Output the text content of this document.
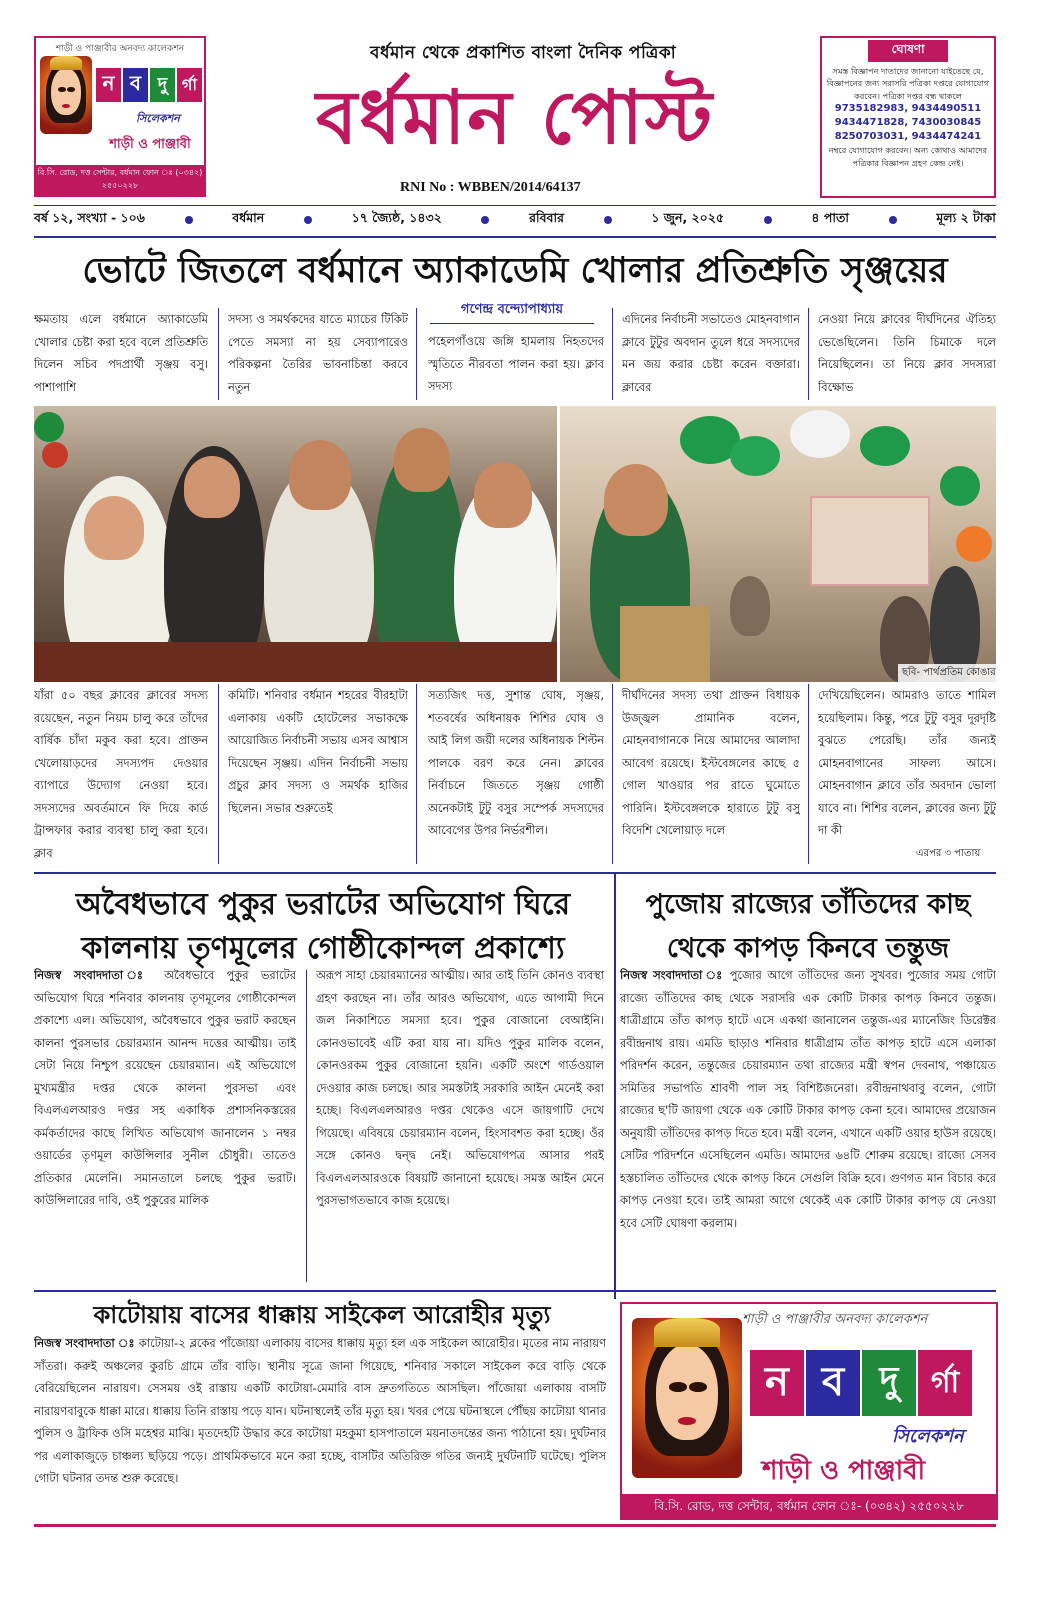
শাড়ী ও পাঞ্জাবীর অনবদ্য কালেকশন
ন ব দু র্গা
সিলেকশন
শাড়ী ও পাঞ্জাবী
বি.সি. রোড, দত্ত সেন্টার, বর্ধমান ফোন ঃ (০৩৪২) ২৫৫০২২৮
বর্ধমান থেকে প্রকাশিত বাংলা দৈনিক পত্রিকা
বর্ধমান পোস্ট
RNI No : WBBEN/2014/64137
ঘোষণা
সমস্ত বিজ্ঞাপন দাতাদের জানানো যাইতেছে যে, বিজ্ঞাপনের জন্য সরাসরি পত্রিকা দপ্তরে যোগাযোগ করবেন। পত্রিকা দপ্তর বন্ধ থাকলে
9735182983, 9434490511
9434471828, 7430030845
8250703031, 9434474241
নম্বরে যোগাযোগ করবেন। অন্য কোথাও আমাদের পত্রিকার বিজ্ঞাপন গ্রহণ কেন্দ্র নেই।
বর্ষ ১২, সংখ্যা - ১০৬	বর্ধমান	১৭ জ্যৈষ্ঠ, ১৪৩২	রবিবার	১ জুন, ২০২৫	৪ পাতা	মূল্য ২ টাকা
ভোটে জিতলে বর্ধমানে অ্যাকাডেমি খোলার প্রতিশ্রুতি সৃঞ্জয়ের
ক্ষমতায় এলে বর্ধমানে অ্যাকাডেমি খোলার চেষ্টা করা হবে বলে প্রতিশ্রুতি দিলেন সচিব পদপ্রার্থী সৃঞ্জয় বসু। পাশাপাশি
সদস্য ও সমর্থকদের যাতে ম্যাচের টিকিট পেতে সমস্যা না হয় সেব্যাপারেও পরিকল্পনা তৈরির ভাবনাচিন্তা করবে নতুন
গণেন্দ্র বন্দ্যোপাধ্যায়
পহেলগাঁওয়ে জঙ্গি হামলায় নিহতদের স্মৃতিতে নীরবতা পালন করা হয়। ক্লাব সদস্য
এদিনের নির্বাচনী সভাতেও মোহনবাগান ক্লাবে টুটুর অবদান তুলে ধরে সদস্যদের মন জয় করার চেষ্টা করেন বক্তারা। ক্লাবের
নেওয়া নিয়ে ক্লাবের দীর্ঘদিনের ঐতিহ্য ভেঙেছিলেন। তিনি চিমাকে দলে নিয়েছিলেন। তা নিয়ে ক্লাব সদস্যরা বিক্ষোভ
ছবি- পার্থপ্রতিম কোঙার
যাঁরা ৫০ বছর ক্লাবের ক্লাবের সদস্য রয়েছেন, নতুন নিয়ম চালু করে তাঁদের বার্ষিক চাঁদা মকুব করা হবে। প্রাক্তন খেলোয়াড়দের সদস্যপদ দেওয়ার ব্যাপারে উদ্যোগ নেওয়া হবে। সদস্যদের অবর্তমানে ফি দিয়ে কার্ড ট্রান্সফার করার ব্যবস্থা চালু করা হবে। ক্লাব
কমিটি। শনিবার বর্ধমান শহরের বীরহাটা এলাকায় একটি হোটেলের সভাকক্ষে আয়োজিত নির্বাচনী সভায় এসব আশ্বাস দিয়েছেন সৃঞ্জয়। এদিন নির্বাচনী সভায় প্রচুর ক্লাব সদস্য ও সমর্থক হাজির ছিলেন। সভার শুরুতেই
সত্যজিৎ দত্ত, সুশান্ত ঘোষ, সৃঞ্জয়, শতবর্ষের অধিনায়ক শিশির ঘোষ ও আই লিগ জয়ী দলের অধিনায়ক শিল্টন পালকে বরণ করে নেন। ক্লাবের নির্বাচনে জিততে সৃঞ্জয় গোষ্ঠী অনেকটাই টুটু বসুর সম্পের্ক সদস্যদের আবেগের উপর নির্ভরশীল।
দীর্ঘদিনের সদস্য তথা প্রাক্তন বিধায়ক উজ্জ্বল প্রামানিক বলেন, মোহনবাগানকে নিয়ে আমাদের আলাদা আবেগ রয়েছে। ইস্টবেঙ্গলের কাছে ৫ গোল খাওয়ার পর রাতে ঘুমোতে পারিনি। ইস্টবেঙ্গলকে হারাতে টুটু বসু বিদেশি খেলোয়াড় দলে
দেখিয়েছিলেন। আমরাও তাতে শামিল হয়েছিলাম। কিন্তু, পরে টুটু বসুর দূরদৃষ্টি বুঝতে পেরেছি। তাঁর জন্যই মোহনবাগানের সাফল্য আসে। মোহনবাগান ক্লাবে তাঁর অবদান ভোলা যাবে না। শিশির বলেন, ক্লাবের জন্য টুটু দা কী
এরপর ৩ পাতায়
অবৈধভাবে পুকুর ভরাটের অভিযোগ ঘিরে
কালনায় তৃণমূলের গোষ্ঠীকোন্দল প্রকাশ্যে
নিজস্ব সংবাদদাতা ঃ অবৈধভাবে পুকুর ভরাটের অভিযোগ ঘিরে শনিবার কালনায় তৃণমূলের গোষ্ঠীকোন্দল প্রকাশ্যে এল। অভিযোগ, অবৈধভাবে পুকুর ভরাট করছেন কালনা পুরসভার চেয়ারম্যান আনন্দ দত্তের আত্মীয়। তাই সেটা নিয়ে নিশ্চুপ রয়েছেন চেয়ারম্যান। এই অভিযোগে মুখ্যমন্ত্রীর দপ্তর থেকে কালনা পুরসভা এবং বিএলএলআরও দপ্তর সহ একাধিক প্রশাসনিকস্তরের কর্মকর্তাদের কাছে লিখিত অভিযোগ জানালেন ১ নম্বর ওয়ার্ডের তৃণমূল কাউন্সিলার সুনীল চৌধুরী। তাতেও প্রতিকার মেলেনি। সমানতালে চলছে পুকুর ভরাট। কাউন্সিলারের দাবি, ওই পুকুরের মালিক
অরূপ সাহা চেয়ারম্যানের আত্মীয়। আর তাই তিনি কোনও ব্যবস্থা গ্রহণ করছেন না। তাঁর আরও অভিযোগ, এতে আগামী দিনে জল নিকাশিতে সমস্যা হবে। পুকুর বোজানো বেআইনি। কোনওভাবেই এটি করা যায় না। যদিও পুকুর মালিক বলেন, কোনওরকম পুকুর বোজানো হয়নি। একটি অংশে গার্ডওয়াল দেওয়ার কাজ চলছে। আর সমস্তটাই সরকারি আইন মেনেই করা হচ্ছে। বিএলএলআরও দপ্তর থেকেও এসে জায়গাটি দেখে গিয়েছে। এবিষয়ে চেয়ারম্যান বলেন, হিংসাবশত করা হচ্ছে। ওঁর সঙ্গে কোনও দ্বন্দ্ব নেই। অভিযোগপত্র আসার পরই বিএলএলআরওকে বিষয়টি জানানো হয়েছে। সমস্ত আইন মেনে পুরসভাগতভাবে কাজ হয়েছে।
পুজোয় রাজ্যের তাঁতিদের কাছ
থেকে কাপড় কিনবে তন্তুজ
নিজস্ব সংবাদদাতা ঃ পুজোর আগে তাঁতিদের জন্য সুখবর। পুজোর সময় গোটা রাজ্যে তাঁতিদের কাছ থেকে সরাসরি এক কোটি টাকার কাপড় কিনবে তন্তুজ। ধাত্রীগ্রামে তাঁত কাপড় হাটে এসে একথা জানালেন তন্তুজ-এর ম্যানেজিং ডিরেক্টর রবীন্দ্রনাথ রায়। এমডি ছাড়াও শনিবার ধাত্রীগ্রাম তাঁত কাপড় হাটে এসে এলাকা পরিদর্শন করেন, তন্তুজের চেয়ারম্যান তথা রাজ্যের মন্ত্রী স্বপন দেবনাথ, পঞ্চায়েত সমিতির সভাপতি শ্রাবণী পাল সহ বিশিষ্টজনেরা। রবীন্দ্রনাথবাবু বলেন, গোটা রাজ্যের ছ'টি জায়গা থেকে এক কোটি টাকার কাপড় কেনা হবে। আমাদের প্রয়োজন অনুযায়ী তাঁতিদের কাপড় দিতে হবে। মন্ত্রী বলেন, এখানে একটি ওয়ার হাউস রয়েছে। সেটির পরিদর্শনে এসেছিলেন এমডি। আমাদের ৬৪টি শোরুম রয়েছে। রাজ্যে সেসব হস্তচালিত তাঁতিদের থেকে কাপড় কিনে সেগুলি বিক্রি হবে। গুণগত মান বিচার করে কাপড় নেওয়া হবে। তাই আমরা আগে থেকেই এক কোটি টাকার কাপড় যে নেওয়া হবে সেটি ঘোষণা করলাম।
কাটোয়ায় বাসের ধাক্কায় সাইকেল আরোহীর মৃত্যু
নিজস্ব সংবাদদাতা ঃ কাটোয়া-২ ব্লকের পাঁজোয়া এলাকায় বাসের ধাক্কায় মৃত্যু হল এক সাইকেল আরোহীর। মৃতের নাম নারায়ণ সাঁতরা। করুই অঞ্চলের কুরচি গ্রামে তাঁর বাড়ি। স্থানীয় সূত্রে জানা গিয়েছে, শনিবার সকালে সাইকেল করে বাড়ি থেকে বেরিয়েছিলেন নারায়ণ। সেসময় ওই রাস্তায় একটি কাটোয়া-মেমারি বাস দ্রুতগতিতে আসছিল। পাঁজোয়া এলাকায় বাসটি নারায়ণবাবুকে ধাক্কা মারে। ধাক্কায় তিনি রাস্তায় পড়ে যান। ঘটনাস্থলেই তাঁর মৃত্যু হয়। খবর পেয়ে ঘটনাস্থলে পৌঁছয় কাটোয়া থানার পুলিস ও ট্রাফিক ওসি মহেশ্বর মাঝি। মৃতদেহটি উদ্ধার করে কাটোয়া মহকুমা হাসপাতালে ময়নাতদন্তের জন্য পাঠানো হয়। দুর্ঘটনার পর এলাকাজুড়ে চাঞ্চল্য ছড়িয়ে পড়ে। প্রাথমিকভাবে মনে করা হচ্ছে, বাসটির অতিরিক্ত গতির জন্যই দুর্ঘটনাটি ঘটেছে। পুলিস গোটা ঘটনার তদন্ত শুরু করেছে।
শাড়ী ও পাঞ্জাবীর অনবদ্য কালেকশন
ন ব দু	র্গা
সিলেকশন
শাড়ী ও পাঞ্জাবী
বি.সি. রোড, দত্ত সেন্টার, বর্ধমান ফোন ঃ- (০৩৪২) ২৫৫০২২৮
